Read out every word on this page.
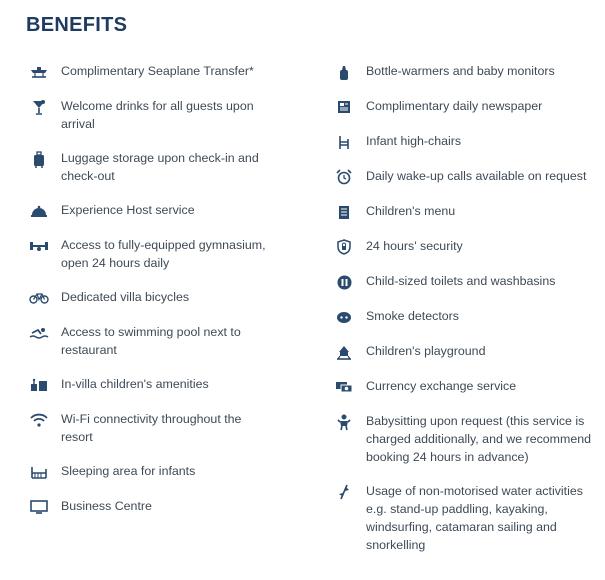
BENEFITS
Complimentary Seaplane Transfer*
Welcome drinks for all guests upon arrival
Luggage storage upon check-in and check-out
Experience Host service
Access to fully-equipped gymnasium, open 24 hours daily
Dedicated villa bicycles
Access to swimming pool next to restaurant
In-villa children's amenities
Wi-Fi connectivity throughout the resort
Sleeping area for infants
Business Centre
Bottle-warmers and baby monitors
Complimentary daily newspaper
Infant high-chairs
Daily wake-up calls available on request
Children's menu
24 hours' security
Child-sized toilets and washbasins
Smoke detectors
Children's playground
Currency exchange service
Babysitting upon request (this service is charged additionally, and we recommend booking 24 hours in advance)
Usage of non-motorised water activities e.g. stand-up paddling, kayaking, windsurfing, catamaran sailing and snorkelling
